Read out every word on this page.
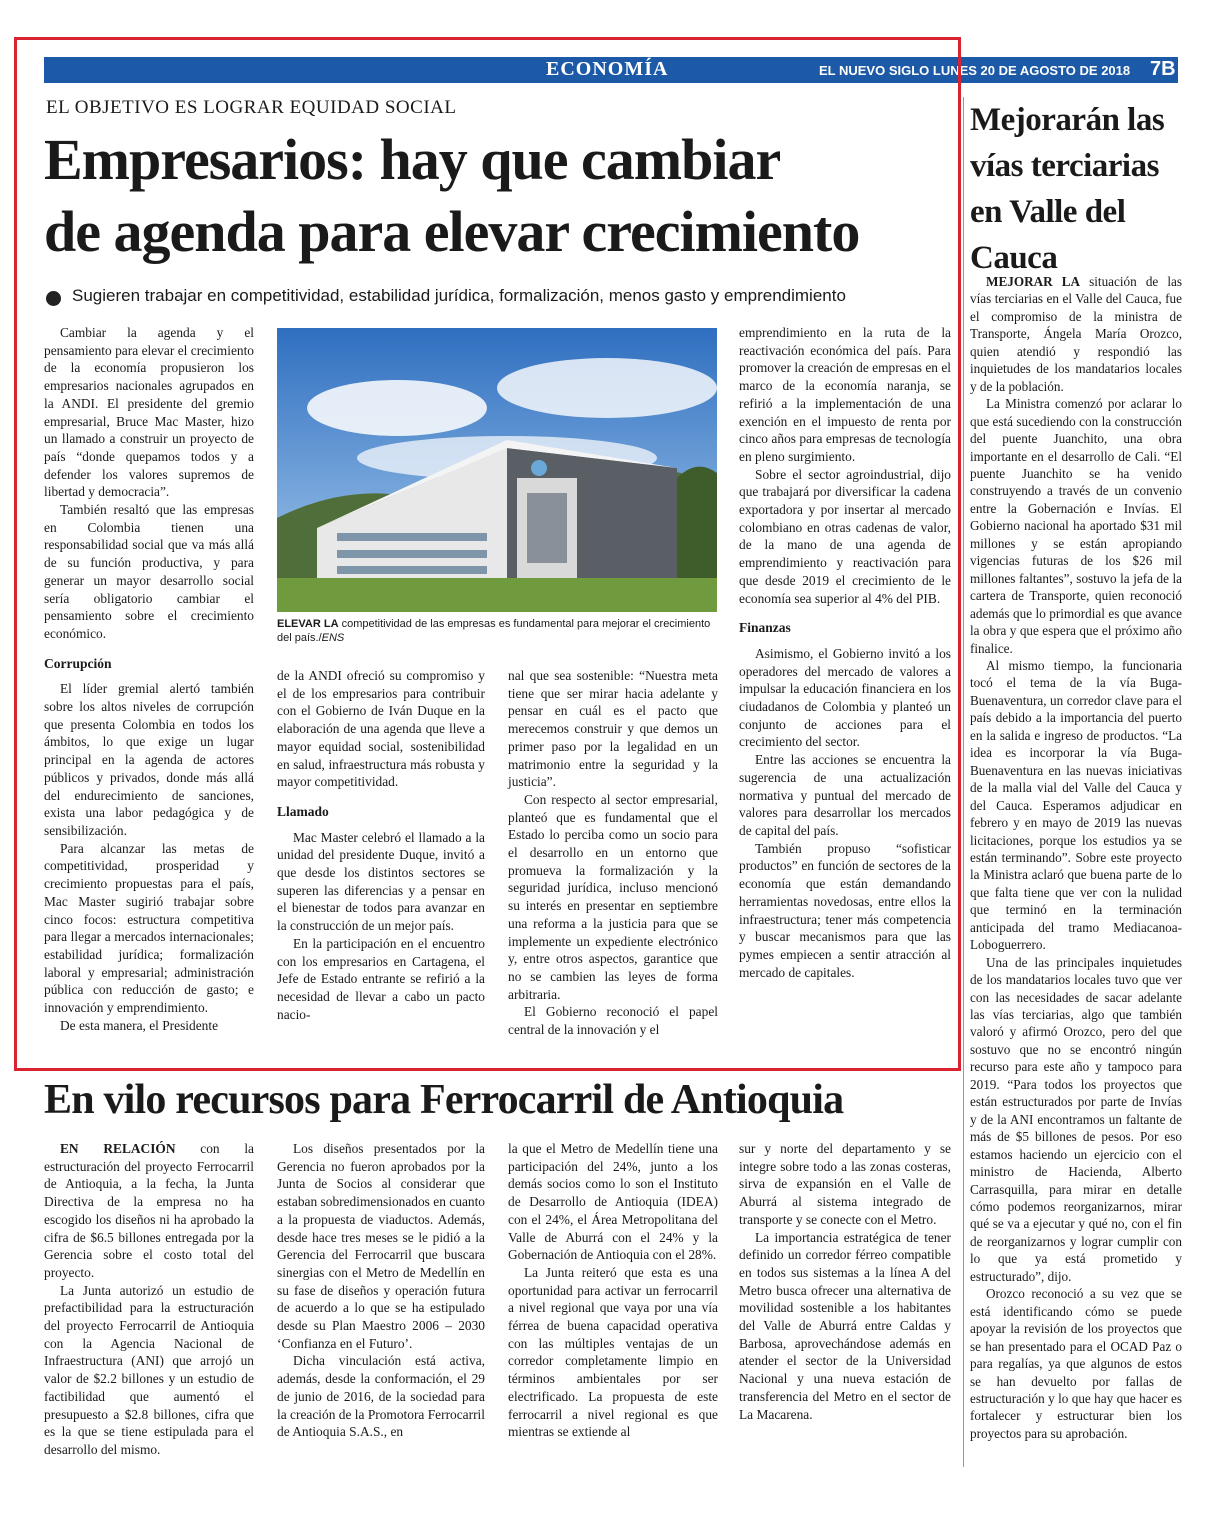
ECONOMÍA	EL NUEVO SIGLO LUNES 20 DE AGOSTO DE 2018 7B
EL OBJETIVO ES LOGRAR EQUIDAD SOCIAL
Empresarios: hay que cambiar
de agenda para elevar crecimiento
Sugieren trabajar en competitividad, estabilidad jurídica, formalización, menos gasto y emprendimiento

Cambiar la agenda y el pensamiento para elevar el crecimiento de la economía propusieron los empresarios nacionales agrupados en la ANDI. El presidente del gremio empresarial, Bruce Mac Master, hizo un llamado a construir un proyecto de país “donde quepamos todos y a defender los valores supremos de libertad y democracia”.

También resaltó que las empresas en Colombia tienen una responsabilidad social que va más allá de su función productiva, y para generar un mayor desarrollo social sería obligatorio cambiar el pensamiento sobre el crecimiento económico.

Corrupción

El líder gremial alertó también sobre los altos niveles de corrupción que presenta Colombia en todos los ámbitos, lo que exige un lugar principal en la agenda de actores públicos y privados, donde más allá del endurecimiento de sanciones, exista una labor pedagógica y de sensibilización.

Para alcanzar las metas de competitividad, prosperidad y crecimiento propuestas para el país, Mac Master sugirió trabajar sobre cinco focos: estructura competitiva para llegar a mercados internacionales; estabilidad jurídica; formalización laboral y empresarial; administración pública con reducción de gasto; e innovación y emprendimiento.

De esta manera, el Presidente

ELEVAR LA competitividad de las empresas es fundamental para mejorar el crecimiento del país./ENS

de la ANDI ofreció su compromiso y el de los empresarios para contribuir con el Gobierno de Iván Duque en la elaboración de una agenda que lleve a mayor equidad social, sostenibilidad en salud, infraestructura más robusta y mayor competitividad.

Llamado

Mac Master celebró el llamado a la unidad del presidente Duque, invitó a que desde los distintos sectores se superen las diferencias y a pensar en el bienestar de todos para avanzar en la construcción de un mejor país.

En la participación en el encuentro con los empresarios en Cartagena, el Jefe de Estado entrante se refirió a la necesidad de llevar a cabo un pacto nacio-

nal que sea sostenible: “Nuestra meta tiene que ser mirar hacia adelante y pensar en cuál es el pacto que merecemos construir y que demos un primer paso por la legalidad en un matrimonio entre la seguridad y la justicia”.

Con respecto al sector empresarial, planteó que es fundamental que el Estado lo perciba como un socio para el desarrollo en un entorno que promueva la formalización y la seguridad jurídica, incluso mencionó su interés en presentar en septiembre una reforma a la justicia para que se implemente un expediente electrónico y, entre otros aspectos, garantice que no se cambien las leyes de forma arbitraria.

El Gobierno reconoció el papel central de la innovación y el

emprendimiento en la ruta de la reactivación económica del país. Para promover la creación de empresas en el marco de la economía naranja, se refirió a la implementación de una exención en el impuesto de renta por cinco años para empresas de tecnología en pleno surgimiento.

Sobre el sector agroindustrial, dijo que trabajará por diversificar la cadena exportadora y por insertar al mercado colombiano en otras cadenas de valor, de la mano de una agenda de emprendimiento y reactivación para que desde 2019 el crecimiento de le economía sea superior al 4% del PIB.

Finanzas

Asimismo, el Gobierno invitó a los operadores del mercado de valores a impulsar la educación financiera en los ciudadanos de Colombia y planteó un conjunto de acciones para el crecimiento del sector.

Entre las acciones se encuentra la sugerencia de una actualización normativa y puntual del mercado de valores para desarrollar los mercados de capital del país.

También propuso “sofisticar productos” en función de sectores de la economía que están demandando herramientas novedosas, entre ellos la infraestructura; tener más competencia y buscar mecanismos para que las pymes empiecen a sentir atracción al mercado de capitales.

Mejorarán las vías terciarias en Valle del Cauca

MEJORAR LA situación de las vías terciarias en el Valle del Cauca, fue el compromiso de la ministra de Transporte, Ángela María Orozco, quien atendió y respondió las inquietudes de los mandatarios locales y de la población.

La Ministra comenzó por aclarar lo que está sucediendo con la construcción del puente Juanchito, una obra importante en el desarrollo de Cali. “El puente Juanchito se ha venido construyendo a través de un convenio entre la Gobernación e Invías. El Gobierno nacional ha aportado $31 mil millones y se están apropiando vigencias futuras de los $26 mil millones faltantes”, sostuvo la jefa de la cartera de Transporte, quien reconoció además que lo primordial es que avance la obra y que espera que el próximo año finalice.

Al mismo tiempo, la funcionaria tocó el tema de la vía Buga-Buenaventura, un corredor clave para el país debido a la importancia del puerto en la salida e ingreso de productos. “La idea es incorporar la vía Buga-Buenaventura en las nuevas iniciativas de la malla vial del Valle del Cauca y del Cauca. Esperamos adjudicar en febrero y en mayo de 2019 las nuevas licitaciones, porque los estudios ya se están terminando”. Sobre este proyecto la Ministra aclaró que buena parte de lo que falta tiene que ver con la nulidad que terminó en la terminación anticipada del tramo Mediacanoa-Loboguerrero.

Una de las principales inquietudes de los mandatarios locales tuvo que ver con las necesidades de sacar adelante las vías terciarias, algo que también valoró y afirmó Orozco, pero del que sostuvo que no se encontró ningún recurso para este año y tampoco para 2019. “Para todos los proyectos que están estructurados por parte de Invías y de la ANI encontramos un faltante de más de $5 billones de pesos. Por eso estamos haciendo un ejercicio con el ministro de Hacienda, Alberto Carrasquilla, para mirar en detalle cómo podemos reorganizarnos, mirar qué se va a ejecutar y qué no, con el fin de reorganizarnos y lograr cumplir con lo que ya está prometido y estructurado”, dijo.

Orozco reconoció a su vez que se está identificando cómo se puede apoyar la revisión de los proyectos que se han presentado para el OCAD Paz o para regalías, ya que algunos de estos se han devuelto por fallas de estructuración y lo que hay que hacer es fortalecer y estructurar bien los proyectos para su aprobación.

En vilo recursos para Ferrocarril de Antioquia

EN RELACIÓN con la estructuración del proyecto Ferrocarril de Antioquia, a la fecha, la Junta Directiva de la empresa no ha escogido los diseños ni ha aprobado la cifra de $6.5 billones entregada por la Gerencia sobre el costo total del proyecto.

La Junta autorizó un estudio de prefactibilidad para la estructuración del proyecto Ferrocarril de Antioquia con la Agencia Nacional de Infraestructura (ANI) que arrojó un valor de $2.2 billones y un estudio de factibilidad que aumentó el presupuesto a $2.8 billones, cifra que es la que se tiene estipulada para el desarrollo del mismo.

Los diseños presentados por la Gerencia no fueron aprobados por la Junta de Socios al considerar que estaban sobredimensionados en cuanto a la propuesta de viaductos. Además, desde hace tres meses se le pidió a la Gerencia del Ferrocarril que buscara sinergias con el Metro de Medellín en su fase de diseños y operación futura de acuerdo a lo que se ha estipulado desde su Plan Maestro 2006 – 2030 ‘Confianza en el Futuro’.

Dicha vinculación está activa, además, desde la conformación, el 29 de junio de 2016, de la sociedad para la creación de la Promotora Ferrocarril de Antioquia S.A.S., en

la que el Metro de Medellín tiene una participación del 24%, junto a los demás socios como lo son el Instituto de Desarrollo de Antioquia (IDEA) con el 24%, el Área Metropolitana del Valle de Aburrá con el 24% y la Gobernación de Antioquia con el 28%.

La Junta reiteró que esta es una oportunidad para activar un ferrocarril a nivel regional que vaya por una vía férrea de buena capacidad operativa con las múltiples ventajas de un corredor completamente limpio en términos ambientales por ser electrificado. La propuesta de este ferrocarril a nivel regional es que mientras se extiende al

sur y norte del departamento y se integre sobre todo a las zonas costeras, sirva de expansión en el Valle de Aburrá al sistema integrado de transporte y se conecte con el Metro.

La importancia estratégica de tener definido un corredor férreo compatible en todos sus sistemas a la línea A del Metro busca ofrecer una alternativa de movilidad sostenible a los habitantes del Valle de Aburrá entre Caldas y Barbosa, aprovechándose además en atender el sector de la Universidad Nacional y una nueva estación de transferencia del Metro en el sector de La Macarena.
